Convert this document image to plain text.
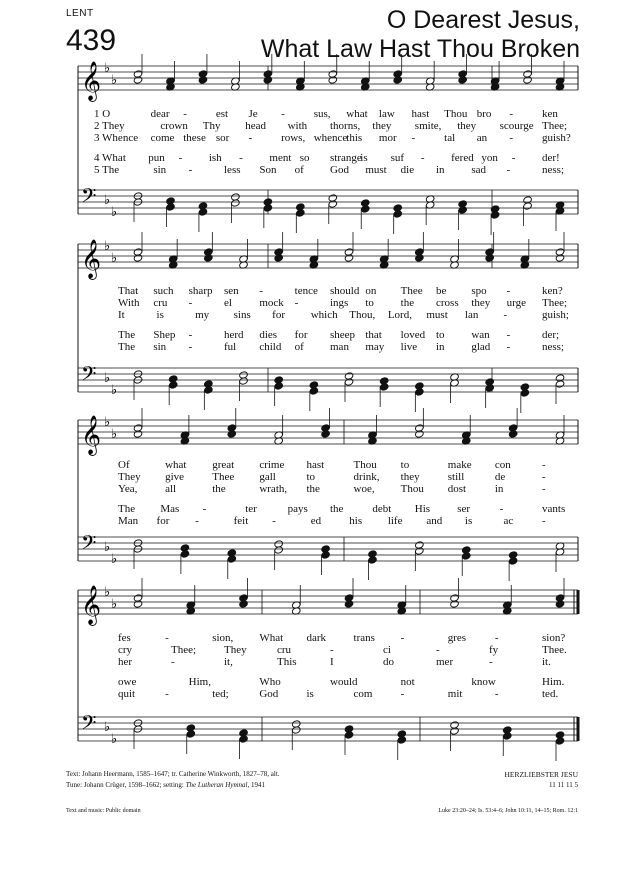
LENT
439
O Dearest Jesus,
What Law Hast Thou Broken
𝄞 ♭
♭
𝄢 ♭
♭
𝄞 ♭
♭
𝄢 ♭
♭
𝄞 ♭
♭
𝄢 ♭
♭
𝄞 ♭
♭
𝄢 ♭
♭
1 O	dear -	est Je -	sus, what law hast Thou bro -	ken
2 They	crown Thy head with thorns, they smite, they scourge Thee;
3 Whence come these sor -	rows, whence this mor -	tal an -	guish?
4 What pun - ish - ment so strange
is suf - fered yon - der!
5 The	sin -	less Son of God must die in sad -	ness;
That such sharp sen -	tence should on Thee be spo -	ken?
With cru -	el mock -	ings to the cross they urge Thee;
It	is	my sins for which Thou, Lord, must lan -	guish;
The Shep -	herd dies for sheep that loved to wan -	der;
The sin -	ful child of man may live in glad -	ness;
Of	what great crime hast	Thou to	make con	-
They give	Thee gall	to	drink, they	still	de	-
Yea,	all	the	wrath, the	woe, Thou dost	in	-
The Mas -	ter	pays the	debt His ser	-	vants
Man for -	feit -	ed	his life and is	ac	-
fes	-	sion, What dark	trans -	gres	-	sion?
cry	Thee;	They	cru	-	ci	-	fy	Thee.
her	-	it,	This	I	do	mer	-	it.
owe	Him,	Who	would	not	know	Him.
quit	-	ted;	God	is	com	-	mit	-	ted.
Text: Johann Heermann, 1585–1647; tr. Catherine Winkworth, 1827–78, alt.
Tune: Johann Crüger, 1598–1662; setting: The Lutheran Hymnal, 1941
HERZLIEBSTER JESU
11 11 11 5
Text and music: Public domain	Luke 23:20–24; Is. 53:4–6; John 10:11, 14–15; Rom. 12:1
